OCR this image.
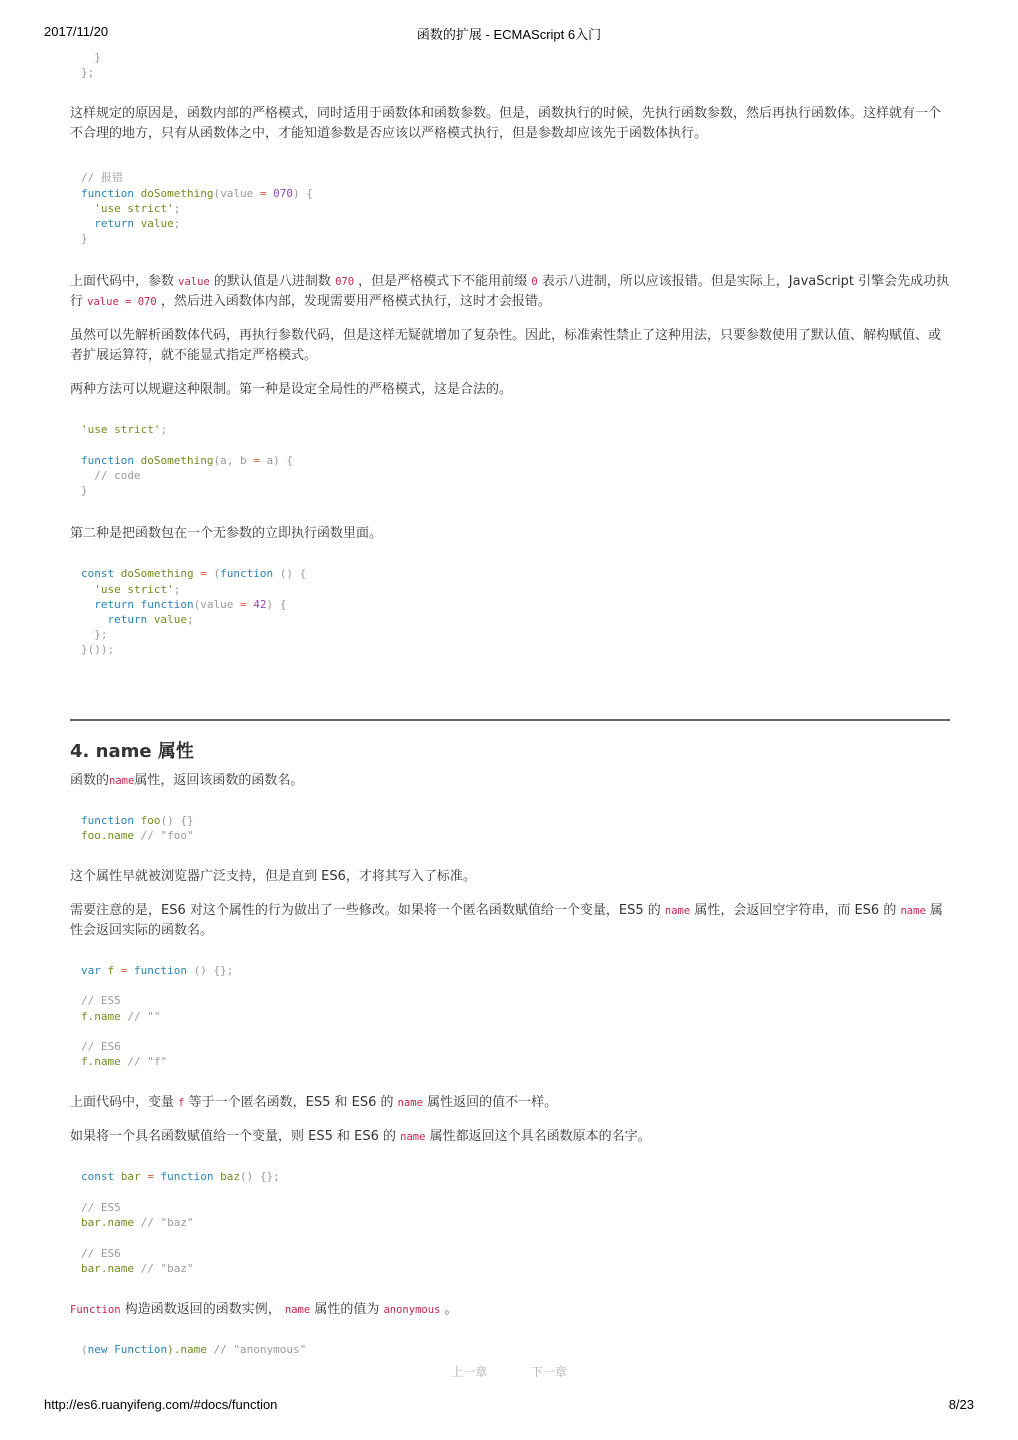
2017/11/20	函数的扩展 - ECMAScript 6入门
}
};

这样规定的原因是，函数内部的严格模式，同时适用于函数体和函数参数。但是，函数执行的时候，先执行函数参数，然后再执行函数体。这样就有一个不合理的地方，只有从函数体之中，才能知道参数是否应该以严格模式执行，但是参数却应该先于函数体执行。

// 报错
function doSomething(value = 070) {
'use strict';
return value;
}

上面代码中，参数 value 的默认值是八进制数 070 ，但是严格模式下不能用前缀 0 表示八进制，所以应该报错。但是实际上，JavaScript 引擎会先成功执行 value = 070 ，然后进入函数体内部，发现需要用严格模式执行，这时才会报错。

虽然可以先解析函数体代码，再执行参数代码，但是这样无疑就增加了复杂性。因此，标准索性禁止了这种用法，只要参数使用了默认值、解构赋值、或者扩展运算符，就不能显式指定严格模式。

两种方法可以规避这种限制。第一种是设定全局性的严格模式，这是合法的。

'use strict';

function doSomething(a, b = a) {
// code
}

第二种是把函数包在一个无参数的立即执行函数里面。

const doSomething = (function () {
'use strict';
return function(value = 42) {
return value;
};
}());
4. name 属性

函数的name属性，返回该函数的函数名。

function foo() {}
foo.name // "foo"

这个属性早就被浏览器广泛支持，但是直到 ES6，才将其写入了标准。

需要注意的是，ES6 对这个属性的行为做出了一些修改。如果将一个匿名函数赋值给一个变量，ES5 的 name 属性，会返回空字符串，而 ES6 的 name 属性会返回实际的函数名。

var f = function () {};

// ES5
f.name // ""

// ES6
f.name // "f"

上面代码中，变量 f 等于一个匿名函数，ES5 和 ES6 的 name 属性返回的值不一样。

如果将一个具名函数赋值给一个变量，则 ES5 和 ES6 的 name 属性都返回这个具名函数原本的名字。

const bar = function baz() {};

// ES5
bar.name // "baz"

// ES6
bar.name // "baz"

Function 构造函数返回的函数实例， name 属性的值为 anonymous 。

(new Function).name // "anonymous"
上一章	下一章
http://es6.ruanyifeng.com/#docs/function	8/23
